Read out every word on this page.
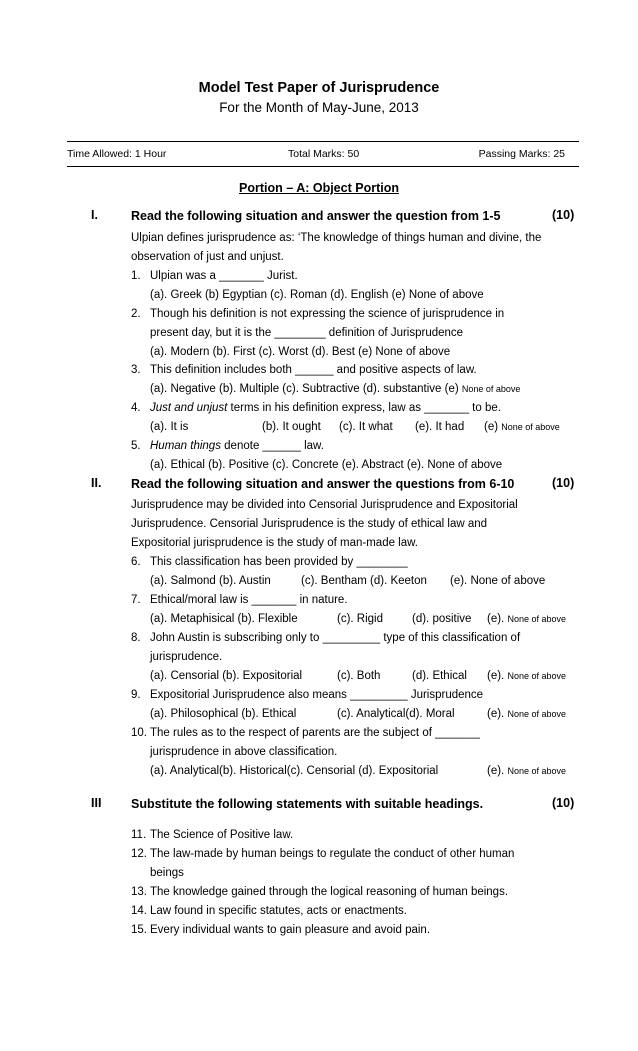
Model Test Paper of Jurisprudence
For the Month of May-June, 2013
Time Allowed: 1 Hour	Total Marks: 50	Passing Marks: 25
Portion – A: Object Portion
I.	Read the following situation and answer the question from 1-5	(10)
Ulpian defines jurisprudence as: ‘The knowledge of things human and divine, the
observation of just and unjust.
1. Ulpian was a _______ Jurist.
(a). Greek (b) Egyptian (c). Roman (d). English (e) None of above
2. Though his definition is not expressing the science of jurisprudence in
present day, but it is the ________ definition of Jurisprudence
(a). Modern (b). First (c). Worst (d). Best (e) None of above
3. This definition includes both ______ and positive aspects of law.
(a). Negative (b). Multiple (c). Subtractive (d). substantive (e) None of above
4. Just and unjust terms in his definition express, law as _______ to be.
(a). It is	(b). It ought (c). It what (e). It had (e) None of above
5. Human things denote ______ law.
(a). Ethical (b). Positive (c). Concrete (e). Abstract (e). None of above
II. Read the following situation and answer the questions from 6-10	(10)
Jurisprudence may be divided into Censorial Jurisprudence and Expositorial
Jurisprudence. Censorial Jurisprudence is the study of ethical law and
Expositorial jurisprudence is the study of man-made law.
6. This classification has been provided by ________
(a). Salmond (b). Austin	(c). Bentham (d). Keeton (e). None of above
7. Ethical/moral law is _______ in nature.
(a). Metaphisical (b). Flexible	(c). Rigid	(d). positive (e). None of above
8. John Austin is subscribing only to _________ type of this classification of
jurisprudence.
(a). Censorial (b). Expositorial	(c). Both	(d). Ethical (e). None of above
9. Expositorial Jurisprudence also means _________ Jurisprudence
(a). Philosophical (b). Ethical	(c). Analytical(d). Moral	(e). None of above
10. The rules as to the respect of parents are the subject of _______
jurisprudence in above classification.
(a). Analytical(b). Historical(c). Censorial (d). Expositorial	(e). None of above
III Substitute the following statements with suitable headings.	(10)
11. The Science of Positive law.
12. The law-made by human beings to regulate the conduct of other human
beings
13. The knowledge gained through the logical reasoning of human beings.
14. Law found in specific statutes, acts or enactments.
15. Every individual wants to gain pleasure and avoid pain.
